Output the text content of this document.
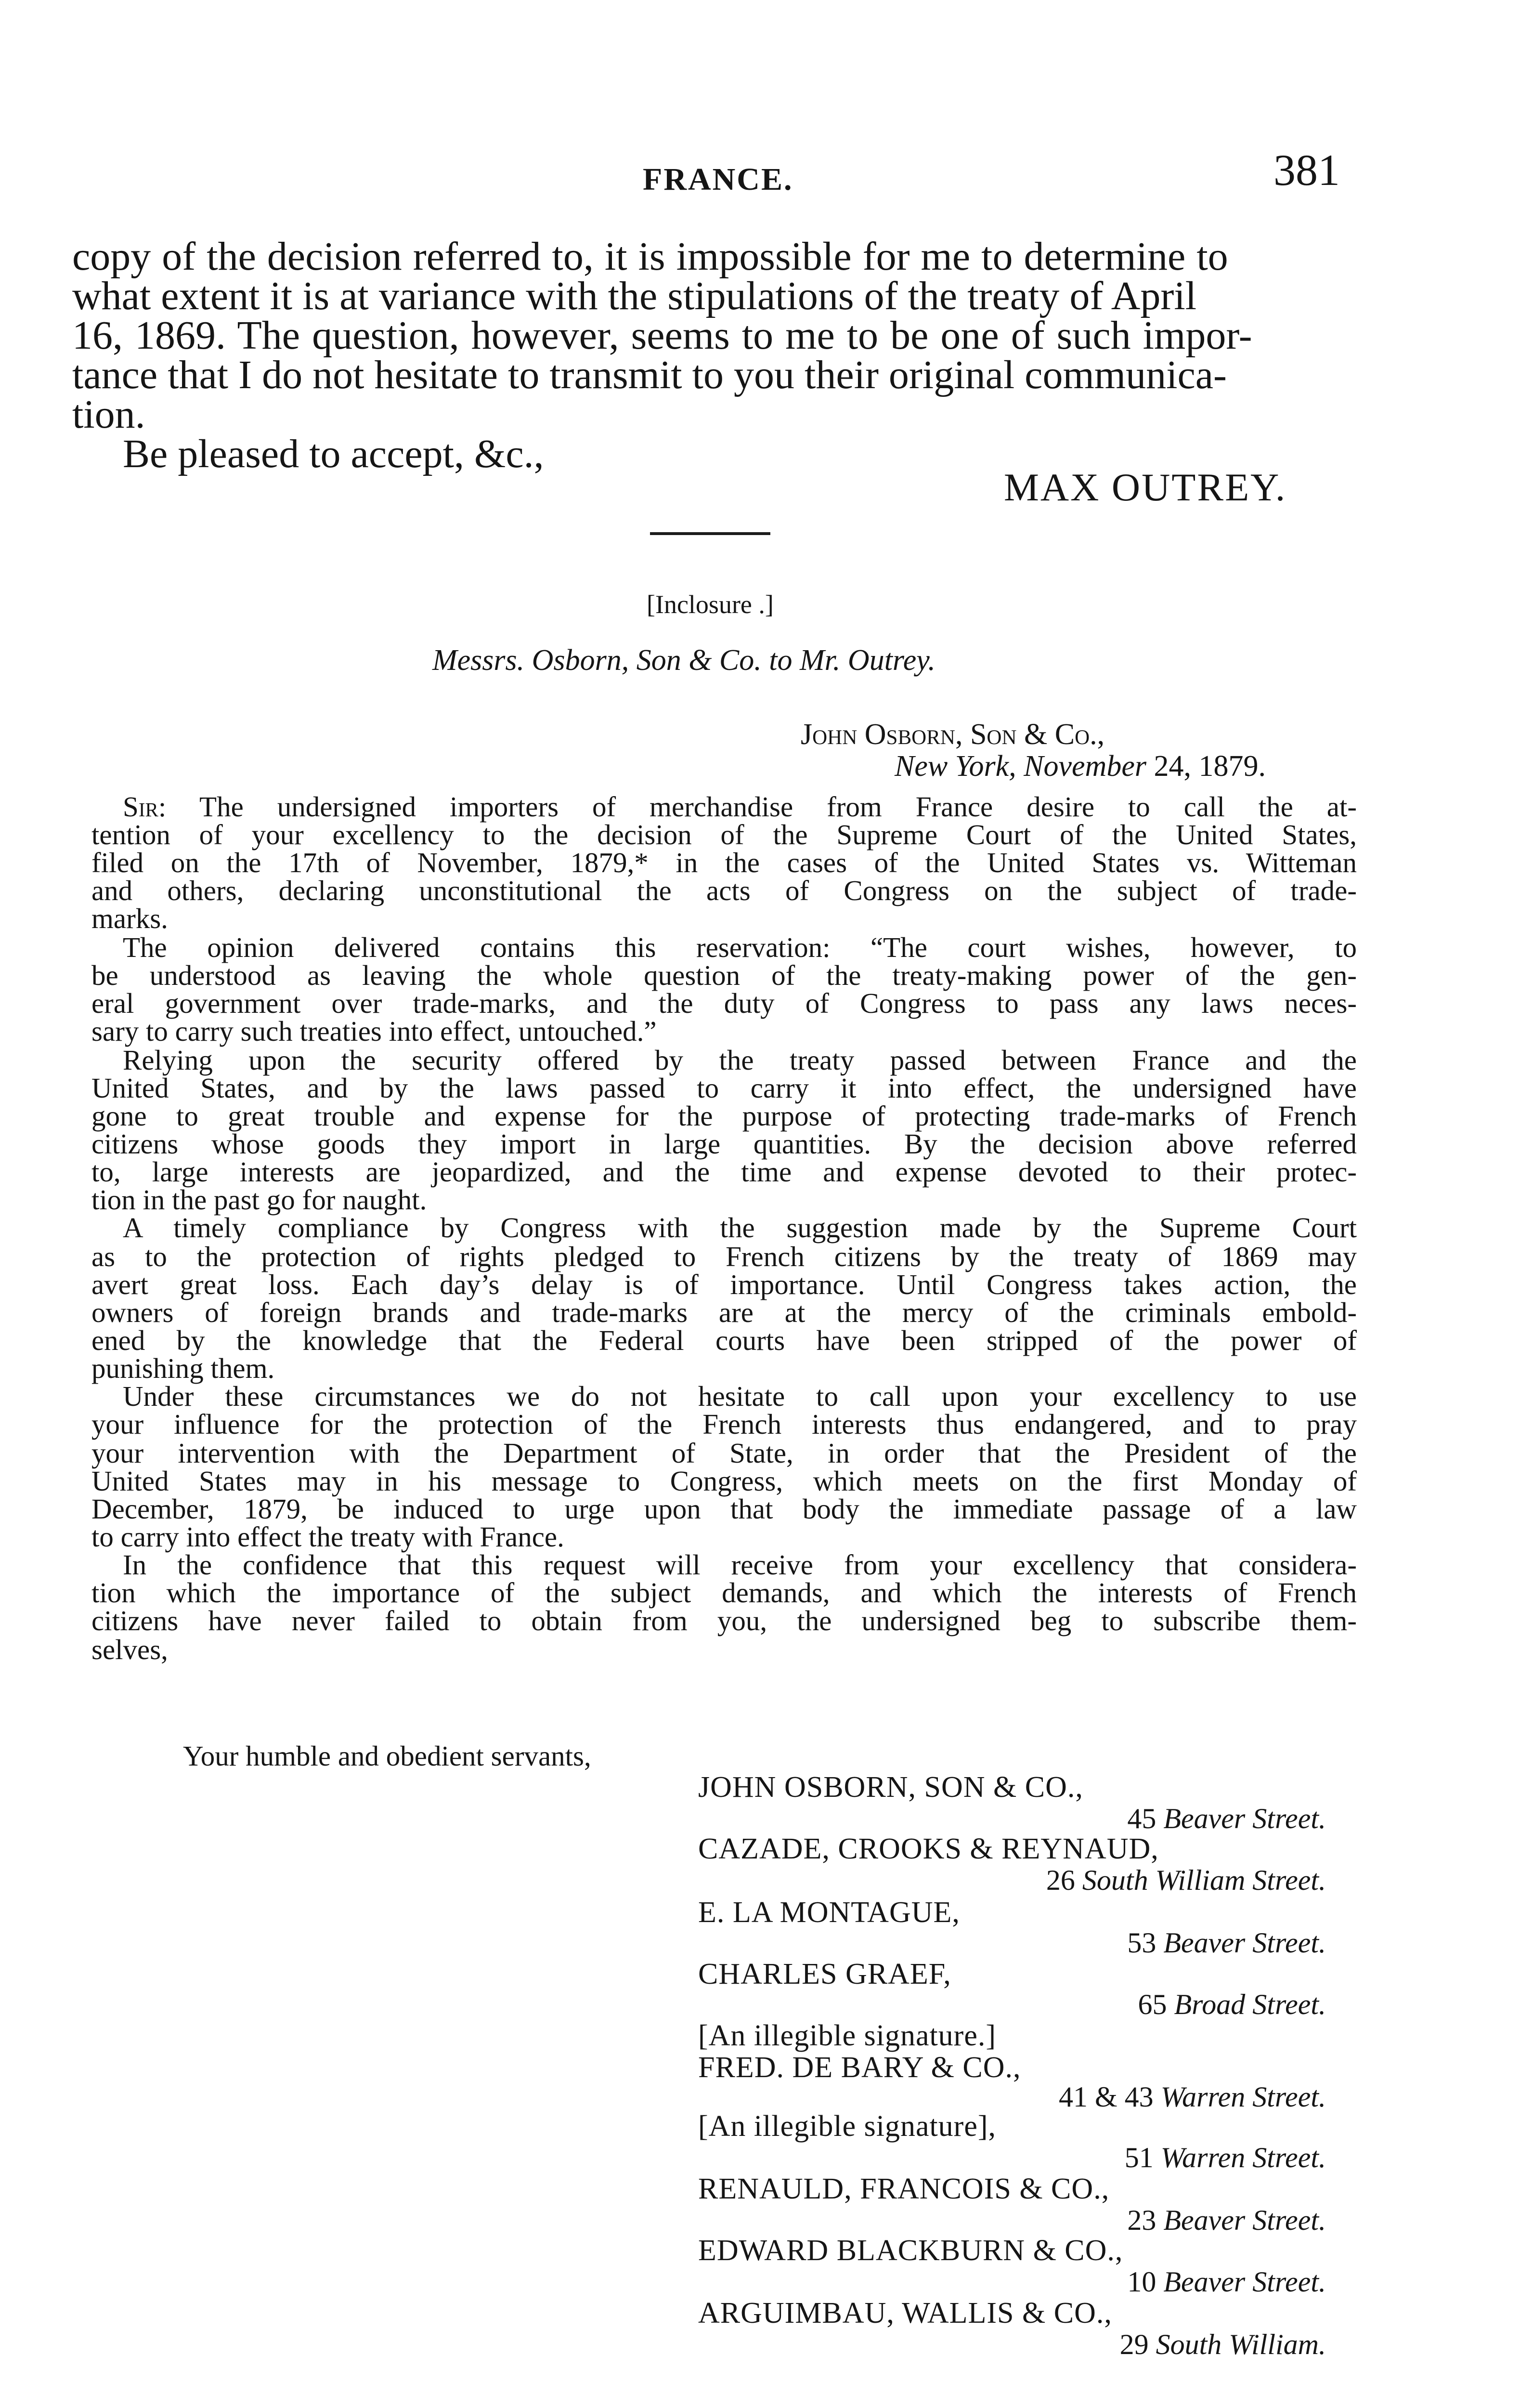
FRANCE.	381
copy of the decision referred to, it is impossible for me to determine to
what extent it is at variance with the stipulations of the treaty of April
16, 1869. The question, however, seems to me to be one of such impor-
tance that I do not hesitate to transmit to you their original communica-
tion.
Be pleased to accept, &c.,
MAX OUTREY.
[Inclosure .]
Messrs. Osborn, Son & Co. to Mr. Outrey.
John Osborn, Son & Co.,
New York, November 24, 1879.
Sir: The undersigned importers of merchandise from France desire to call the at-
tention of your excellency to the decision of the Supreme Court of the United States,
filed on the 17th of November, 1879,* in the cases of the United States vs. Witteman
and others, declaring unconstitutional the acts of Congress on the subject of trade-
marks.
The opinion delivered contains this reservation: “The court wishes, however, to
be understood as leaving the whole question of the treaty-making power of the gen-
eral government over trade-marks, and the duty of Congress to pass any laws neces-
sary to carry such treaties into effect, untouched.”
Relying upon the security offered by the treaty passed between France and the
United States, and by the laws passed to carry it into effect, the undersigned have
gone to great trouble and expense for the purpose of protecting trade-marks of French
citizens whose goods they import in large quantities. By the decision above referred
to, large interests are jeopardized, and the time and expense devoted to their protec-
tion in the past go for naught.
A timely compliance by Congress with the suggestion made by the Supreme Court
as to the protection of rights pledged to French citizens by the treaty of 1869 may
avert great loss. Each day’s delay is of importance. Until Congress takes action, the
owners of foreign brands and trade-marks are at the mercy of the criminals embold-
ened by the knowledge that the Federal courts have been stripped of the power of
punishing them.
Under these circumstances we do not hesitate to call upon your excellency to use
your influence for the protection of the French interests thus endangered, and to pray
your intervention with the Department of State, in order that the President of the
United States may in his message to Congress, which meets on the first Monday of
December, 1879, be induced to urge upon that body the immediate passage of a law
to carry into effect the treaty with France.
In the confidence that this request will receive from your excellency that considera-
tion which the importance of the subject demands, and which the interests of French
citizens have never failed to obtain from you, the undersigned beg to subscribe them-
selves,
Your humble and obedient servants,
JOHN OSBORN, SON & CO.,
45 Beaver Street.
CAZADE, CROOKS & REYNAUD,
26 South William Street.
E. LA MONTAGUE,
53 Beaver Street.
CHARLES GRAEF,
65 Broad Street.
[An illegible signature.]
FRED. DE BARY & CO.,
41 & 43 Warren Street.
[An illegible signature],
51 Warren Street.
RENAULD, FRANCOIS & CO.,
23 Beaver Street.
EDWARD BLACKBURN & CO.,
10 Beaver Street.
ARGUIMBAU, WALLIS & CO.,
29 South William.
